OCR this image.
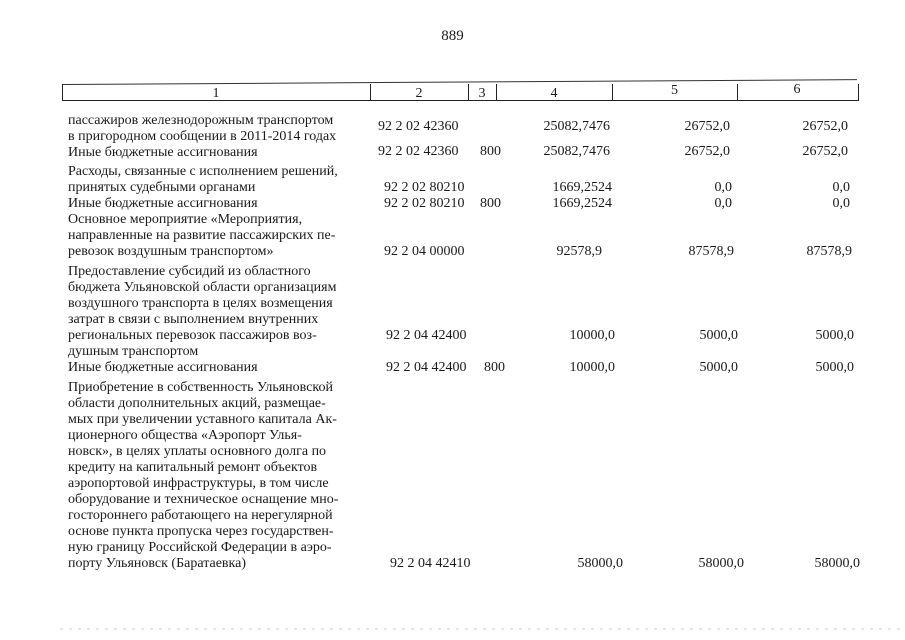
889
1	2	3	4	5	6
пассажиров железнодорожным транспортом
в пригородном сообщении в 2011-2014 годах
92 2 02 42360	25082,7476	26752,0	26752,0
Иные бюджетные ассигнования	92 2 02 42360 800	25082,7476	26752,0	26752,0
Расходы, связанные с исполнением решений,
принятых судебными органами	92 2 02 80210	1669,2524	0,0	0,0
Иные бюджетные ассигнования	92 2 02 80210 800	1669,2524	0,0	0,0
Основное мероприятие «Мероприятия,
направленные на развитие пассажирских пе-
ревозок воздушным транспортом»	92 2 04 00000	92578,9	87578,9	87578,9
Предоставление субсидий из областного
бюджета Ульяновской области организациям
воздушного транспорта в целях возмещения
затрат в связи с выполнением внутренних
региональных перевозок пассажиров воз-
душным транспортом
92 2 04 42400	10000,0	5000,0	5000,0
Иные бюджетные ассигнования	92 2 04 42400 800	10000,0	5000,0	5000,0
Приобретение в собственность Ульяновской
области дополнительных акций, размещае-
мых при увеличении уставного капитала Ак-
ционерного общества «Аэропорт Улья-
новск», в целях уплаты основного долга по
кредиту на капитальный ремонт объектов
аэропортовой инфраструктуры, в том числе
оборудование и техническое оснащение мно-
гостороннего работающего на нерегулярной
основе пункта пропуска через государствен-
ную границу Российской Федерации в аэро-
порту Ульяновск (Баратаевка)	92 2 04 42410	58000,0	58000,0	58000,0
